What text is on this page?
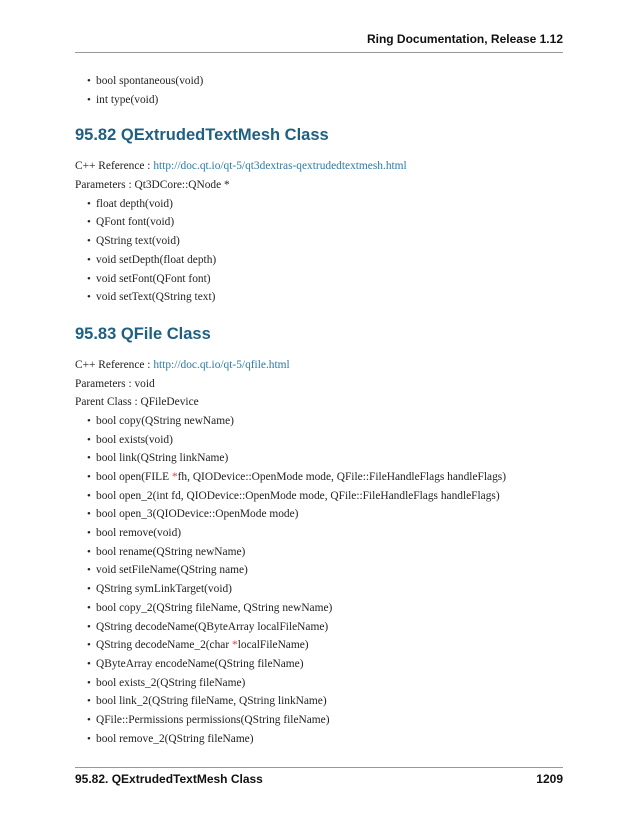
Ring Documentation, Release 1.12
• bool spontaneous(void)
• int type(void)
95.82 QExtrudedTextMesh Class

C++ Reference : http://doc.qt.io/qt-5/qt3dextras-qextrudedtextmesh.html

Parameters : Qt3DCore::QNode *

• float depth(void)
• QFont font(void)
• QString text(void)
• void setDepth(float depth)
• void setFont(QFont font)
• void setText(QString text)
95.83 QFile Class

C++ Reference : http://doc.qt.io/qt-5/qfile.html

Parameters : void

Parent Class : QFileDevice

• bool copy(QString newName)
• bool exists(void)
• bool link(QString linkName)
• bool open(FILE *fh, QIODevice::OpenMode mode, QFile::FileHandleFlags handleFlags)
• bool open_2(int fd, QIODevice::OpenMode mode, QFile::FileHandleFlags handleFlags)
• bool open_3(QIODevice::OpenMode mode)
• bool remove(void)
• bool rename(QString newName)
• void setFileName(QString name)
• QString symLinkTarget(void)
• bool copy_2(QString fileName, QString newName)
• QString decodeName(QByteArray localFileName)
• QString decodeName_2(char *localFileName)
• QByteArray encodeName(QString fileName)
• bool exists_2(QString fileName)
• bool link_2(QString fileName, QString linkName)
• QFile::Permissions permissions(QString fileName)
• bool remove_2(QString fileName)
95.82. QExtrudedTextMesh Class	1209
